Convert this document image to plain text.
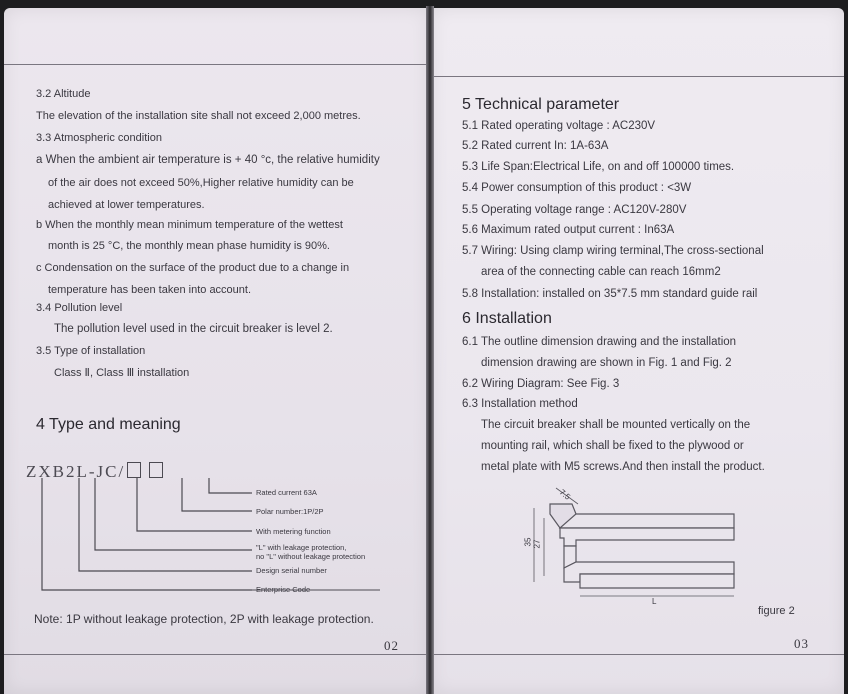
3.2 Altitude
The elevation of the installation site shall not exceed 2,000 metres.
3.3 Atmospheric condition
a When the ambient air temperature is + 40 °c, the relative humidity
of the air does not exceed 50%,Higher relative humidity can be
achieved at lower temperatures.
b When the monthly mean minimum temperature of the wettest
month is 25 °C, the monthly mean phase humidity is 90%.
c Condensation on the surface of the product due to a change in
temperature has been taken into account.
3.4 Pollution level
The pollution level used in the circuit breaker is level 2.
3.5 Type of installation
Class Ⅱ, Class Ⅲ installation
4 Type and meaning
ZXB2L-JC/
Rated current 63A
Polar number:1P/2P
With metering function
"L" with leakage protection,
no "L" without leakage protection
Design serial number
Enterprise Code
Note: 1P without leakage protection, 2P with leakage protection.
02
5 Technical parameter
5.1 Rated operating voltage : AC230V
5.2 Rated current In: 1A-63A
5.3 Life Span:Electrical Life, on and off 100000 times.
5.4 Power consumption of this product : <3W
5.5 Operating voltage range : AC120V-280V
5.6 Maximum rated output current : In63A
5.7 Wiring: Using clamp wiring terminal,The cross-sectional
area of the connecting cable can reach 16mm2
5.8 Installation: installed on 35*7.5 mm standard guide rail
6 Installation
6.1 The outline dimension drawing and the installation
dimension drawing are shown in Fig. 1 and Fig. 2
6.2 Wiring Diagram: See Fig. 3
6.3 Installation method
The circuit breaker shall be mounted vertically on the
mounting rail, which shall be fixed to the plywood or
metal plate with M5 screws.And then install the product.
7.5
35 27
L
figure 2
03
